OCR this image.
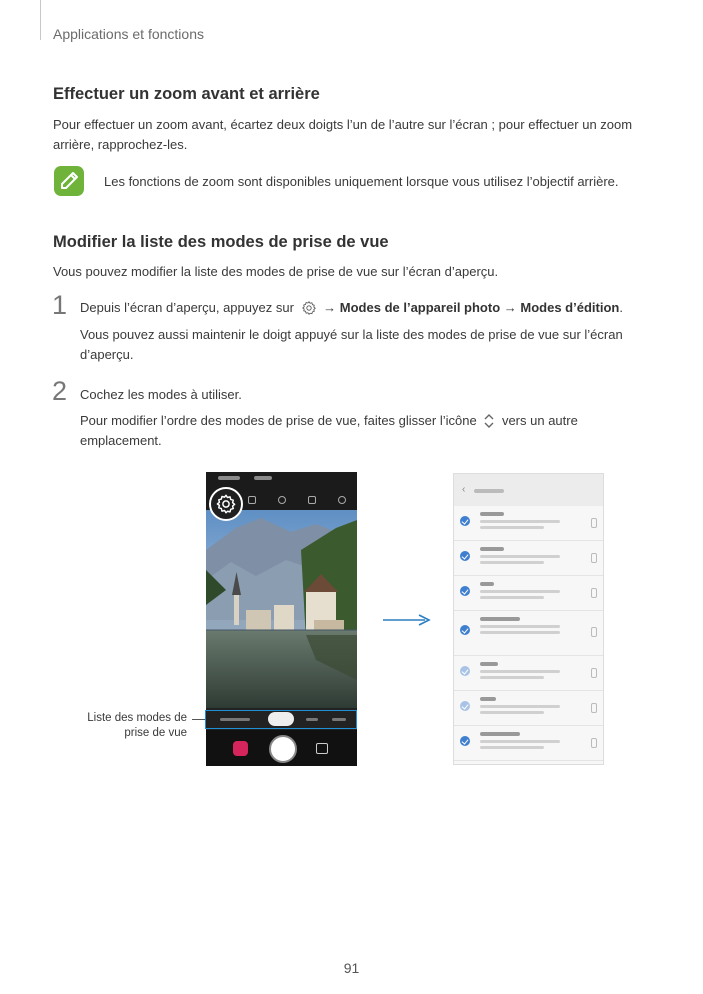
Applications et fonctions
Effectuer un zoom avant et arrière

Pour effectuer un zoom avant, écartez deux doigts l’un de l’autre sur l’écran ; pour effectuer un zoom arrière, rapprochez-les.

Les fonctions de zoom sont disponibles uniquement lorsque vous utilisez l’objectif arrière.

Modifier la liste des modes de prise de vue

Vous pouvez modifier la liste des modes de prise de vue sur l’écran d’aperçu.

1 Depuis l’écran d’aperçu, appuyez sur → Modes de l’appareil photo → Modes d’édition.

Vous pouvez aussi maintenir le doigt appuyé sur la liste des modes de prise de vue sur l’écran d’aperçu.

2 Cochez les modes à utiliser.

Pour modifier l’ordre des modes de prise de vue, faites glisser l’icône vers un autre emplacement.

Liste des modes de prise de vue

‹
91
